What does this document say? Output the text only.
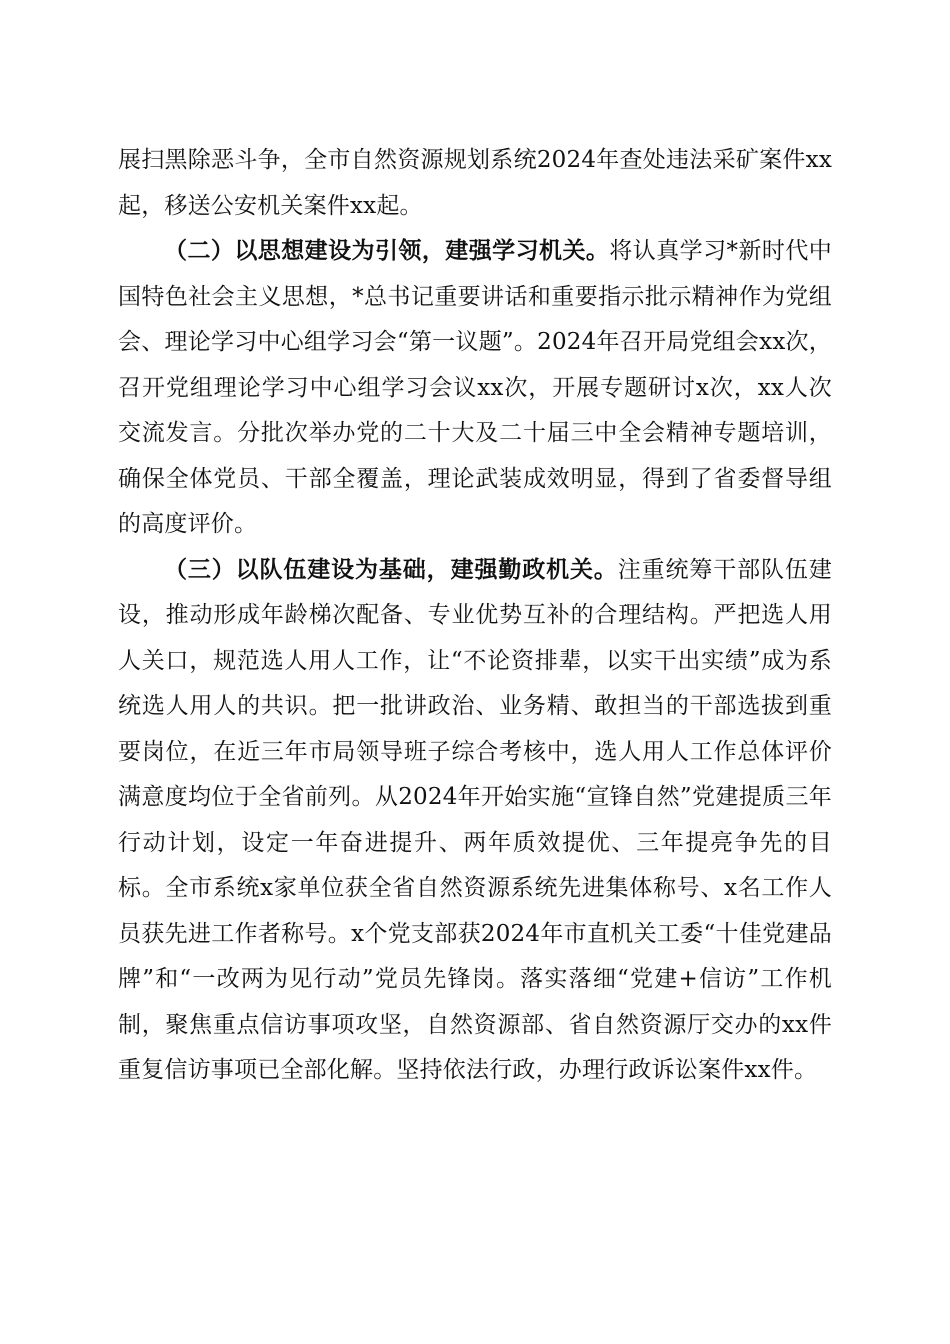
展扫黑除恶斗争，全市自然资源规划系统2024年查处违法采矿案件xx起，移送公安机关案件xx起。

（二）以思想建设为引领，建强学习机关。将认真学习*新时代中国特色社会主义思想，*总书记重要讲话和重要指示批示精神作为党组会、理论学习中心组学习会“第一议题”。2024年召开局党组会xx次，召开党组理论学习中心组学习会议xx次，开展专题研讨x次，xx人次交流发言。分批次举办党的二十大及二十届三中全会精神专题培训，确保全体党员、干部全覆盖，理论武装成效明显，得到了省委督导组的高度评价。

（三）以队伍建设为基础，建强勤政机关。注重统筹干部队伍建设，推动形成年龄梯次配备、专业优势互补的合理结构。严把选人用人关口，规范选人用人工作，让“不论资排辈，以实干出实绩”成为系统选人用人的共识。把一批讲政治、业务精、敢担当的干部选拔到重要岗位，在近三年市局领导班子综合考核中，选人用人工作总体评价满意度均位于全省前列。从2024年开始实施“宣锋自然”党建提质三年行动计划，设定一年奋进提升、两年质效提优、三年提亮争先的目标。全市系统x家单位获全省自然资源系统先进集体称号、x名工作人员获先进工作者称号。x个党支部获2024年市直机关工委“十佳党建品牌”和“一改两为见行动”党员先锋岗。落实落细“党建+信访”工作机制，聚焦重点信访事项攻坚，自然资源部、省自然资源厅交办的xx件重复信访事项已全部化解。坚持依法行政，办理行政诉讼案件xx件。
